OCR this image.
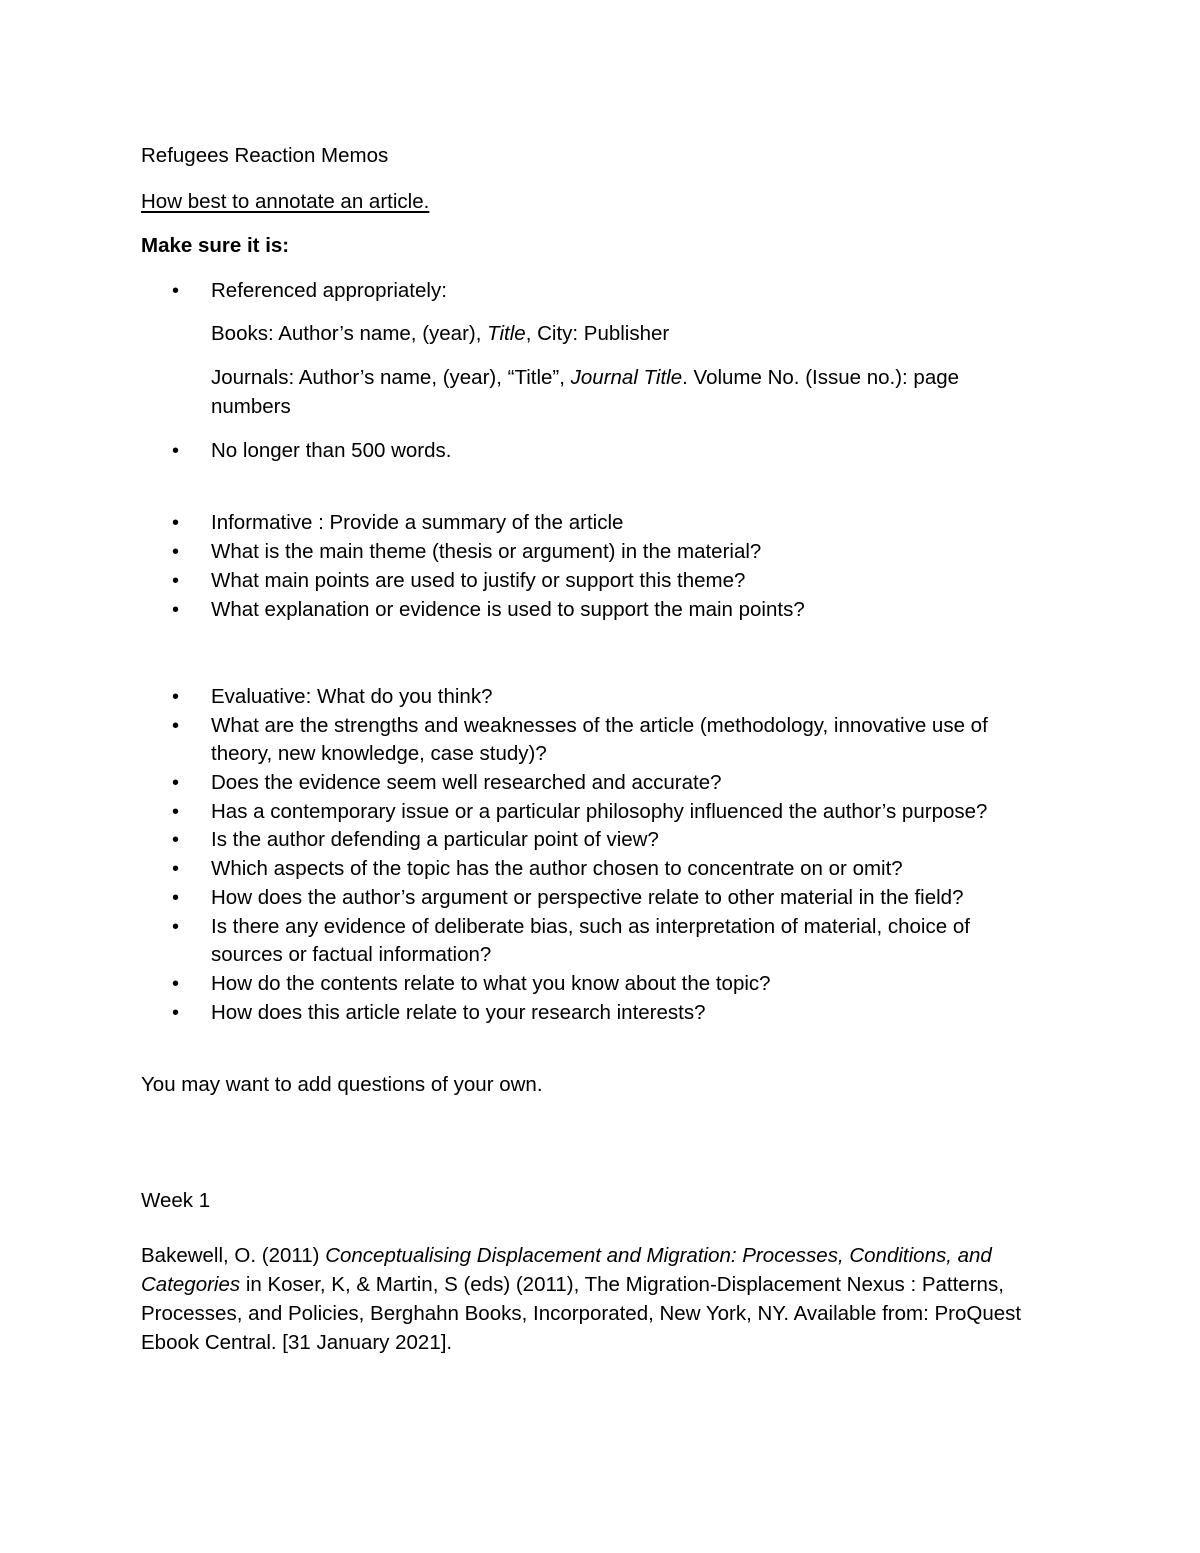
Refugees Reaction Memos
How best to annotate an article.
Make sure it is:
•	Referenced appropriately:
Books: Author’s name, (year), Title, City: Publisher
Journals: Author’s name, (year), “Title”, Journal Title. Volume No. (Issue no.): page
numbers
•	No longer than 500 words.
•	Informative : Provide a summary of the article
•	What is the main theme (thesis or argument) in the material?
•	What main points are used to justify or support this theme?
•	What explanation or evidence is used to support the main points?
•	Evaluative: What do you think?
•	What are the strengths and weaknesses of the article (methodology, innovative use of
theory, new knowledge, case study)?
•	Does the evidence seem well researched and accurate?
•	Has a contemporary issue or a particular philosophy influenced the author’s purpose?
•	Is the author defending a particular point of view?
•	Which aspects of the topic has the author chosen to concentrate on or omit?
•	How does the author’s argument or perspective relate to other material in the field?
•	Is there any evidence of deliberate bias, such as interpretation of material, choice of
sources or factual information?
•	How do the contents relate to what you know about the topic?
•	How does this article relate to your research interests?
You may want to add questions of your own.
Week 1
Bakewell, O. (2011) Conceptualising Displacement and Migration: Processes, Conditions, and
Categories in Koser, K, & Martin, S (eds) (2011), The Migration-Displacement Nexus : Patterns,
Processes, and Policies, Berghahn Books, Incorporated, New York, NY. Available from: ProQuest
Ebook Central. [31 January 2021].
